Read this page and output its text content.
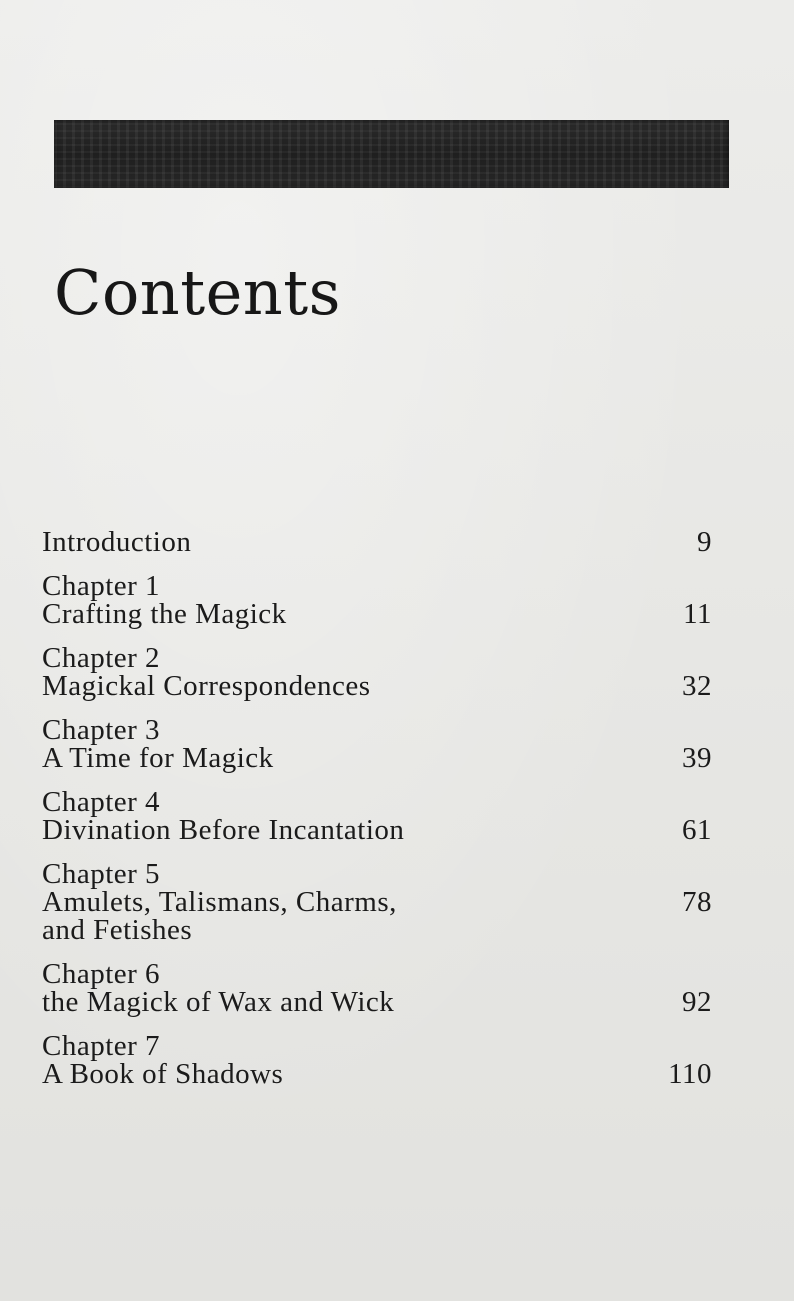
Contents
Introduction	9
Chapter 1
Crafting the Magick	11
Chapter 2
Magickal Correspondences	32
Chapter 3
A Time for Magick	39
Chapter 4
Divination Before Incantation	61
Chapter 5
Amulets, Talismans, Charms,
and Fetishes
78
Chapter 6
the Magick of Wax and Wick	92
Chapter 7
A Book of Shadows	110
